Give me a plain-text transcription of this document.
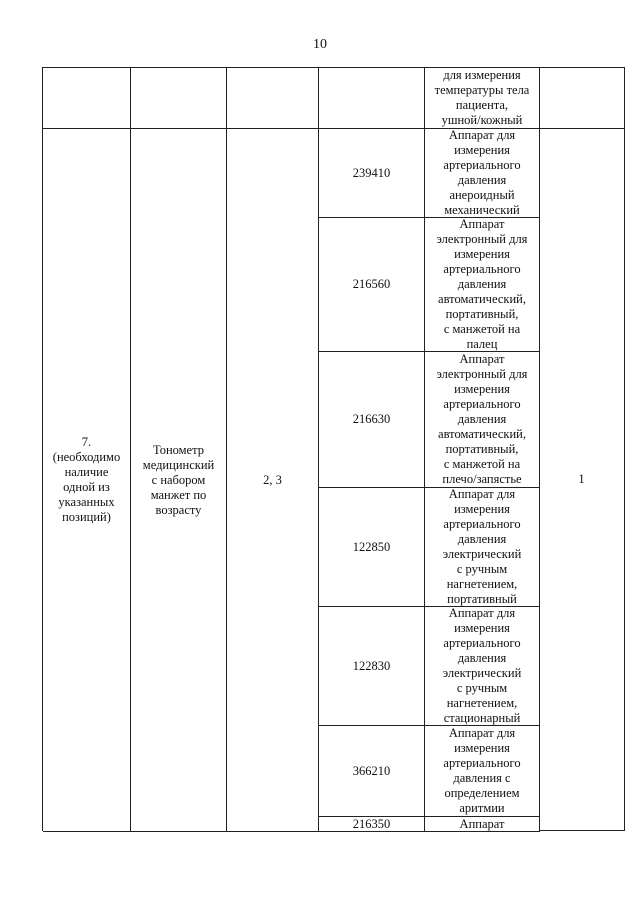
10
для измерения
температуры тела
пациента,
ушной/кожный
7.
(необходимо
наличие
одной из
указанных
позиций)
Тонометр
медицинский
с набором
манжет по
возрасту
2, 3
239410
Аппарат для
измерения
артериального
давления
анероидный
механический
216560
Аппарат
электронный для
измерения
артериального
давления
автоматический,
портативный,
с манжетой на
палец
216630
Аппарат
электронный для
измерения
артериального
давления
автоматический,
портативный,
с манжетой на
плечо/запястье
122850
Аппарат для
измерения
артериального
давления
электрический
с ручным
нагнетением,
портативный
122830
Аппарат для
измерения
артериального
давления
электрический
с ручным
нагнетением,
стационарный
366210
Аппарат для
измерения
артериального
давления с
определением
аритмии
216350	Аппарат
1
